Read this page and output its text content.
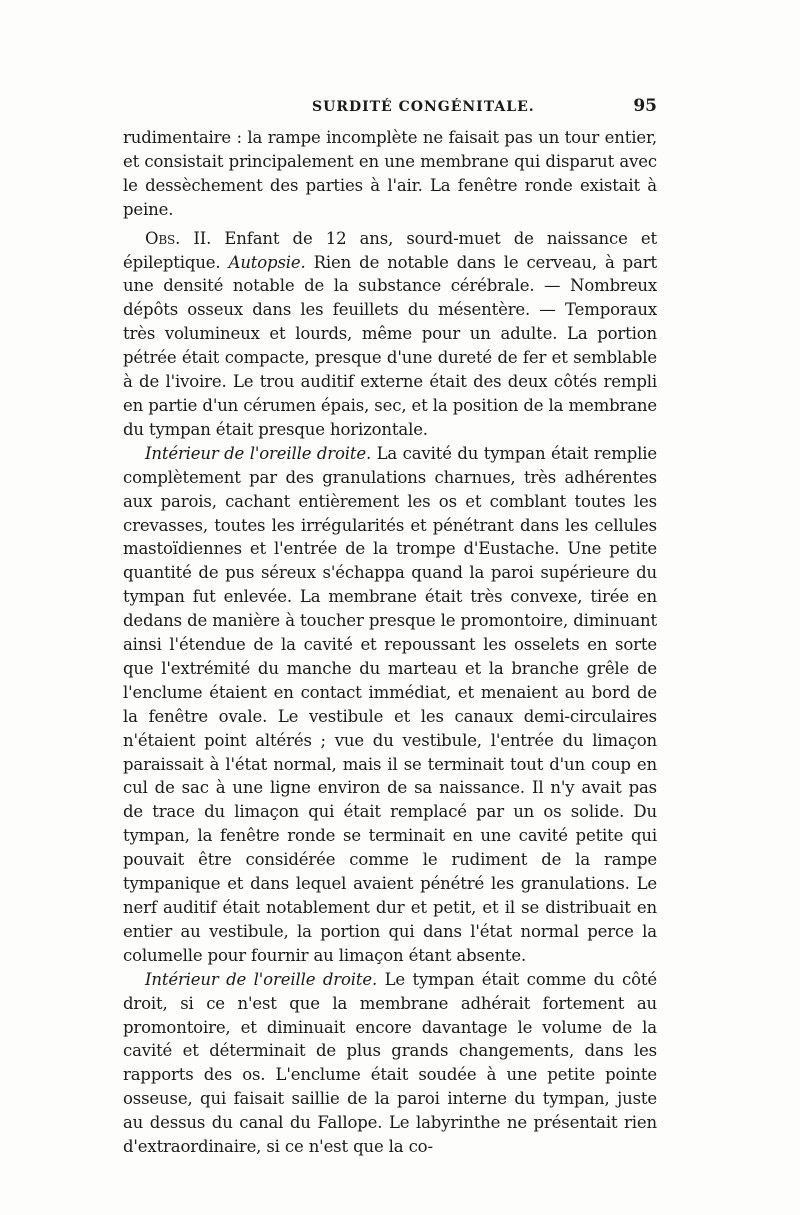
SURDITÉ CONGÉNITALE.	95

rudimentaire : la rampe incomplète ne faisait pas un tour entier, et consistait principalement en une membrane qui disparut avec le dessèchement des parties à l'air. La fenêtre ronde existait à peine.

Obs. II. Enfant de 12 ans, sourd-muet de naissance et épileptique. Autopsie. Rien de notable dans le cerveau, à part une densité notable de la substance cérébrale. — Nombreux dépôts osseux dans les feuillets du mésentère. — Temporaux très volumineux et lourds, même pour un adulte. La portion pétrée était compacte, presque d'une dureté de fer et semblable à de l'ivoire. Le trou auditif externe était des deux côtés rempli en partie d'un cérumen épais, sec, et la position de la membrane du tympan était presque horizontale.

Intérieur de l'oreille droite. La cavité du tympan était remplie complètement par des granulations charnues, très adhérentes aux parois, cachant entièrement les os et comblant toutes les crevasses, toutes les irrégularités et pénétrant dans les cellules mastoïdiennes et l'entrée de la trompe d'Eustache. Une petite quantité de pus séreux s'échappa quand la paroi supérieure du tympan fut enlevée. La membrane était très convexe, tirée en dedans de manière à toucher presque le promontoire, diminuant ainsi l'étendue de la cavité et repoussant les osselets en sorte que l'extrémité du manche du marteau et la branche grêle de l'enclume étaient en contact immédiat, et menaient au bord de la fenêtre ovale. Le vestibule et les canaux demi-circulaires n'étaient point altérés ; vue du vestibule, l'entrée du limaçon paraissait à l'état normal, mais il se terminait tout d'un coup en cul de sac à une ligne environ de sa naissance. Il n'y avait pas de trace du limaçon qui était remplacé par un os solide. Du tympan, la fenêtre ronde se terminait en une cavité petite qui pouvait être considérée comme le rudiment de la rampe tympanique et dans lequel avaient pénétré les granulations. Le nerf auditif était notablement dur et petit, et il se distribuait en entier au vestibule, la portion qui dans l'état normal perce la columelle pour fournir au limaçon étant absente.

Intérieur de l'oreille droite. Le tympan était comme du côté droit, si ce n'est que la membrane adhérait fortement au promontoire, et diminuait encore davantage le volume de la cavité et déterminait de plus grands changements, dans les rapports des os. L'enclume était soudée à une petite pointe osseuse, qui faisait saillie de la paroi interne du tympan, juste au dessus du canal du Fallope. Le labyrinthe ne présentait rien d'extraordinaire, si ce n'est que la co-
